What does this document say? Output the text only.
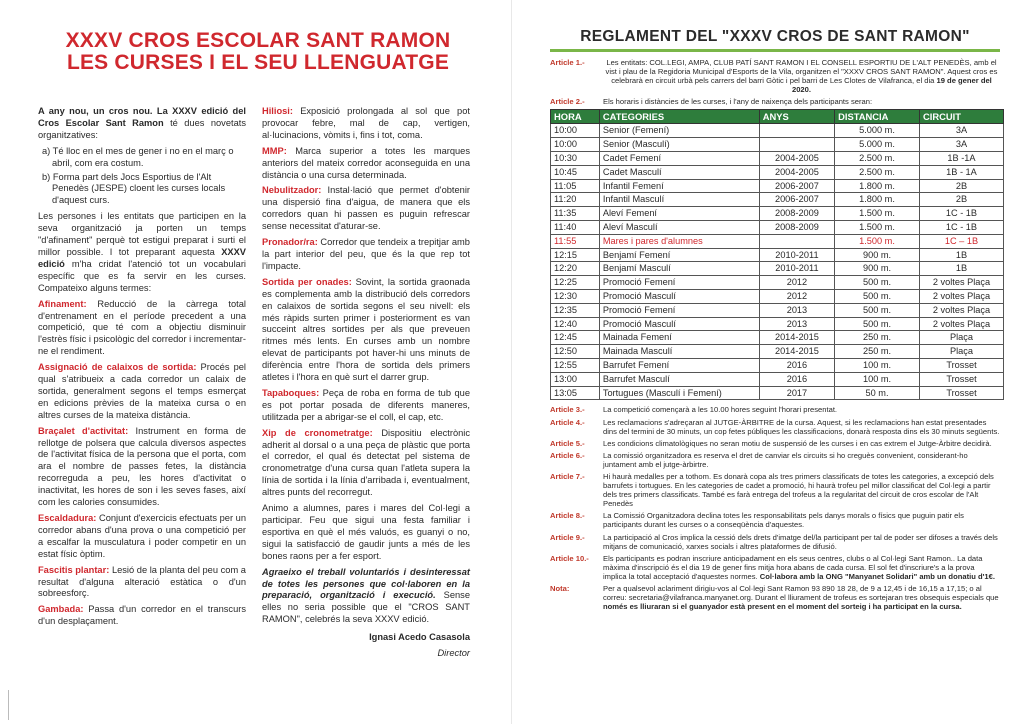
XXXV CROS ESCOLAR SANT RAMON
LES CURSES I EL SEU LLENGUATGE

A any nou, un cros nou. La XXXV edició del Cros Escolar Sant Ramon té dues novetats organitzatives:

a) Té lloc en el mes de gener i no en el març o abril, com era costum.
b) Forma part dels Jocs Esportius de l'Alt Penedès (JESPE) cloent les curses locals d'aquest curs.

Les persones i les entitats que participen en la seva organització ja porten un temps "d'afinament" perquè tot estigui preparat i surti el millor possible. I tot preparant aquesta XXXV edició m'ha cridat l'atenció tot un vocabulari específic que es fa servir en les curses. Compateixo alguns termes:

Afinament: Reducció de la càrrega total d'entrenament en el període precedent a una competició, que té com a objectiu disminuir l'estrès físic i psicològic del corredor i incrementar-ne el rendiment.

Assignació de calaixos de sortida: Procés pel qual s'atribueix a cada corredor un calaix de sortida, generalment segons el temps esmerçat en edicions prèvies de la mateixa cursa o en altres curses de la mateixa distància.

Braçalet d'activitat: Instrument en forma de rellotge de polsera que calcula diversos aspectes de l'activitat física de la persona que el porta, com ara el nombre de passes fetes, la distància recorreguda a peu, les hores d'activitat o inactivitat, les hores de son i les seves fases, així com les calories consumides.

Escaldadura: Conjunt d'exercicis efectuats per un corredor abans d'una prova o una competició per a escalfar la musculatura i poder competir en un estat físic òptim.

Fascitis plantar: Lesió de la planta del peu com a resultat d'alguna alteració estàtica o d'un sobreesforç.

Gambada: Passa d'un corredor en el transcurs d'un desplaçament.

Hiliosi: Exposició prolongada al sol que pot provocar febre, mal de cap, vertigen, al·lucinacions, vòmits i, fins i tot, coma.

MMP: Marca superior a totes les marques anteriors del mateix corredor aconseguida en una distància o una cursa determinada.

Nebulitzador: Instal·lació que permet d'obtenir una dispersió fina d'aigua, de manera que els corredors quan hi passen es puguin refrescar sense necessitat d'aturar-se.

Pronador/ra: Corredor que tendeix a trepitjar amb la part interior del peu, que és la que rep tot l'impacte.

Sortida per onades: Sovint, la sortida graonada es complementa amb la distribució dels corredors en calaixos de sortida segons el seu nivell: els més ràpids surten primer i posteriorment es van succeint altres sortides per als que preveuen ritmes més lents. En curses amb un nombre elevat de participants pot haver-hi uns minuts de diferència entre l'hora de sortida dels primers atletes i l'hora en què surt el darrer grup.

Tapaboques: Peça de roba en forma de tub que es pot portar posada de diferents maneres, utilitzada per a abrigar-se el coll, el cap, etc.

Xip de cronometratge: Dispositiu electrònic adherit al dorsal o a una peça de plàstic que porta el corredor, el qual és detectat pel sistema de cronometratge d'una cursa quan l'atleta supera la línia de sortida i la línia d'arribada i, eventualment, altres punts del recorregut.

Animo a alumnes, pares i mares del Col·legi a participar. Feu que sigui una festa familiar i esportiva en què el més valuós, es guanyi o no, sigui la satisfacció de gaudir junts a més de les bones raons per a fer esport.

Agraeixo el treball voluntariós i desinteressat de totes les persones que col·laboren en la preparació, organització i execució. Sense elles no seria possible que el "CROS SANT RAMON", celebrés la seva XXXV edició.

Ignasi Acedo Casasola

Director

REGLAMENT DEL "XXXV CROS DE SANT RAMON"
Article 1.-	Les entitats: COL.LEGI, AMPA, CLUB PATÍ SANT RAMON I EL CONSELL ESPORTIU DE L'ALT PENEDÈS, amb el vist i plau de la Regidoria Municipal d'Esports de la Vila, organitzen el "XXXV CROS SANT RAMON". Aquest cros es celebrarà en circuit urbà pels carrers del barri Gòtic i pel barri de Les Clotes de Vilafranca, el dia 19 de gener del 2020.
Article 2.-	Els horaris i distàncies de les curses, i l'any de naixença dels participants seran:
HORA	CATEGORIES	ANYS	DISTANCIA	CIRCUIT
10:00	Senior (Femení)		5.000 m.	3A
10:00	Senior (Masculí)		5.000 m.	3A
10:30	Cadet Femení	2004-2005	2.500 m.	1B -1A
10:45	Cadet Masculí	2004-2005	2.500 m.	1B - 1A
11:05	Infantil Femení	2006-2007	1.800 m.	2B
11:20	Infantil Masculí	2006-2007	1.800 m.	2B
11:35	Aleví Femení	2008-2009	1.500 m.	1C - 1B
11:40	Aleví Masculí	2008-2009	1.500 m.	1C - 1B
11:55	Mares i pares d'alumnes		1.500 m.	1C – 1B
12:15	Benjamí Femení	2010-2011	900 m.	1B
12:20	Benjamí Masculí	2010-2011	900 m.	1B
12:25	Promoció Femení	2012	500 m.	2 voltes Plaça
12:30	Promoció Masculí	2012	500 m.	2 voltes Plaça
12:35	Promoció Femení	2013	500 m.	2 voltes Plaça
12:40	Promoció Masculí	2013	500 m.	2 voltes Plaça
12:45	Mainada Femení	2014-2015	250 m.	Plaça
12:50	Mainada Masculí	2014-2015	250 m.	Plaça
12:55	Barrufet Femení	2016	100 m.	Trosset
13:00	Barrufet Masculí	2016	100 m.	Trosset
13:05	Tortugues (Masculí i Femení)	2017	50 m.	Trosset
Article 3.-	La competició començarà a les 10.00 hores seguint l'horari presentat.
Article 4.-	Les reclamacions s'adreçaran al JUTGE-ÀRBITRE de la cursa. Aquest, si les reclamacions han estat presentades dins del termini de 30 minuts, un cop fetes públiques les classificacions, donarà resposta dins els 30 minuts següents.
Article 5.-	Les condicions climatològiques no seran motiu de suspensió de les curses i en cas extrem el Jutge-Àrbitre decidirà.
Article 6.-	La comissió organitzadora es reserva el dret de canviar els circuits si ho creguès convenient, considerant-ho juntament amb el jutge-àrbirtre.
Article 7.-	Hi haurà medalles per a tothom. Es donarà copa als tres primers classificats de totes les categories, a excepció dels barrufets i tortugues. En les categories de cadet a promoció, hi haurà trofeu pel millor classificat del Col·legi a partir dels tres primers classificats. També es farà entrega del trofeus a la regularitat del circuit de cros escolar de l'Alt Penedès
Article 8.-	La Comissió Organitzadora declina totes les responsabilitats pels danys morals o físics que puguin patir els participants durant les curses o a conseqüència d'aquestes.
Article 9.-	La participació al Cros implica la cessió dels drets d'imatge del/la participant per tal de poder ser difoses a través dels mitjans de comunicació, xarxes socials i altres plataformes de difusió.
Article 10.-	Els participants es podran inscriure anticipadament en els seus centres, clubs o al Col·legi Sant Ramon.. La data màxima d'inscripció és el dia 19 de gener fins mitja hora abans de cada cursa. El sol fet d'inscriure's a la prova implica la total acceptació d'aquestes normes. Col·labora amb la ONG "Manyanet Solidari" amb un donatiu d'1€.
Nota:	Per a qualsevol aclariment dirigiu-vos al Col·legi Sant Ramon 93 890 18 28, de 9 a 12,45 i de 16,15 a 17,15; o al correu: secretaria@vilafranca.manyanet.org. Durant el lliurament de trofeus es sortejaran tres obsequis especials que només es lliuraran si el guanyador està present en el moment del sorteig i ha participat en la cursa.
